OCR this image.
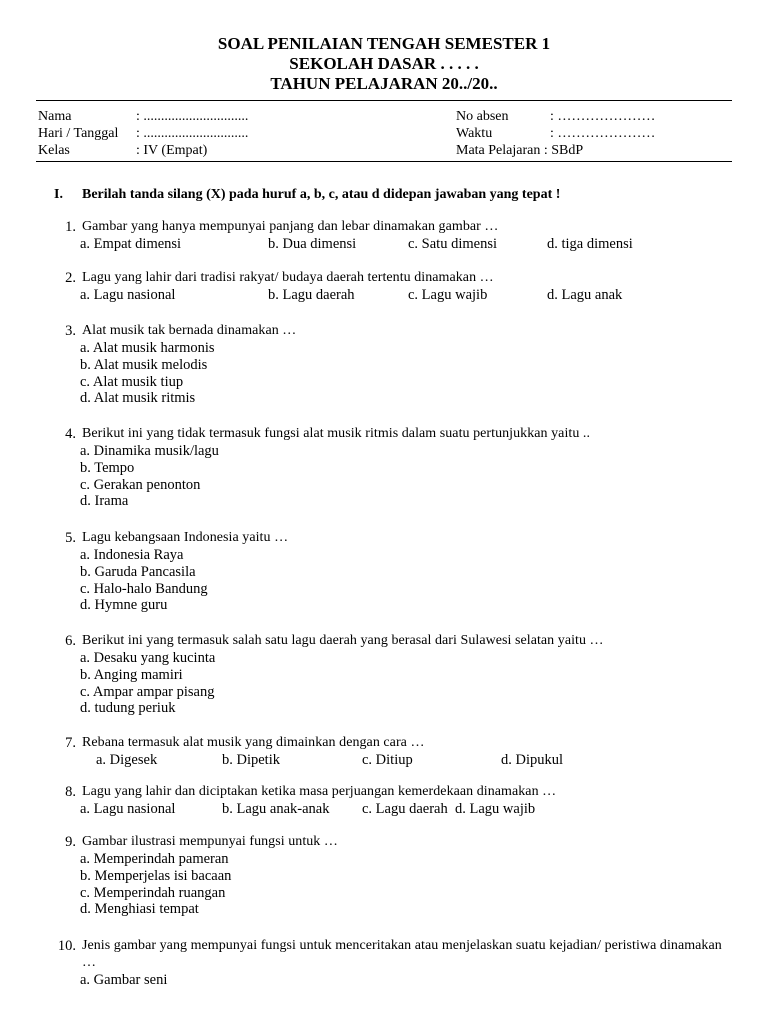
SOAL PENILAIAN TENGAH SEMESTER 1
SEKOLAH DASAR . . . . .
TAHUN PELAJARAN 20../20..
Nama	: ..............................
Hari / Tanggal : ..............................
Kelas	: IV (Empat)
No absen	: …………………
Waktu	: …………………
Mata Pelajaran : SBdP
I. Berilah tanda silang (X) pada huruf a, b, c, atau d didepan jawaban yang tepat !
1. Gambar yang hanya mempunyai panjang dan lebar dinamakan gambar …
a. Empat dimensi	b. Dua dimensi	c. Satu dimensi	d. tiga dimensi
2. Lagu yang lahir dari tradisi rakyat/ budaya daerah tertentu dinamakan …
a. Lagu nasional	b. Lagu daerah	c. Lagu wajib	d. Lagu anak
3. Alat musik tak bernada dinamakan …
a. Alat musik harmonis
b. Alat musik melodis
c. Alat musik tiup
d. Alat musik ritmis
4. Berikut ini yang tidak termasuk fungsi alat musik ritmis dalam suatu pertunjukkan yaitu ..
a. Dinamika musik/lagu
b. Tempo
c. Gerakan penonton
d. Irama
5. Lagu kebangsaan Indonesia yaitu …
a. Indonesia Raya
b. Garuda Pancasila
c. Halo-halo Bandung
d. Hymne guru
6. Berikut ini yang termasuk salah satu lagu daerah yang berasal dari Sulawesi selatan yaitu …
a. Desaku yang kucinta
b. Anging mamiri
c. Ampar ampar pisang
d. tudung periuk
7. Rebana termasuk alat musik yang dimainkan dengan cara …
a. Digesek	b. Dipetik	c. Ditiup	d. Dipukul
8. Lagu yang lahir dan diciptakan ketika masa perjuangan kemerdekaan dinamakan …
a. Lagu nasional	b. Lagu anak-anak c. Lagu daerah d. Lagu wajib
9. Gambar ilustrasi mempunyai fungsi untuk …
a. Memperindah pameran
b. Memperjelas isi bacaan
c. Memperindah ruangan
d. Menghiasi tempat
10. Jenis gambar yang mempunyai fungsi untuk menceritakan atau menjelaskan suatu kejadian/ peristiwa dinamakan …
a. Gambar seni
